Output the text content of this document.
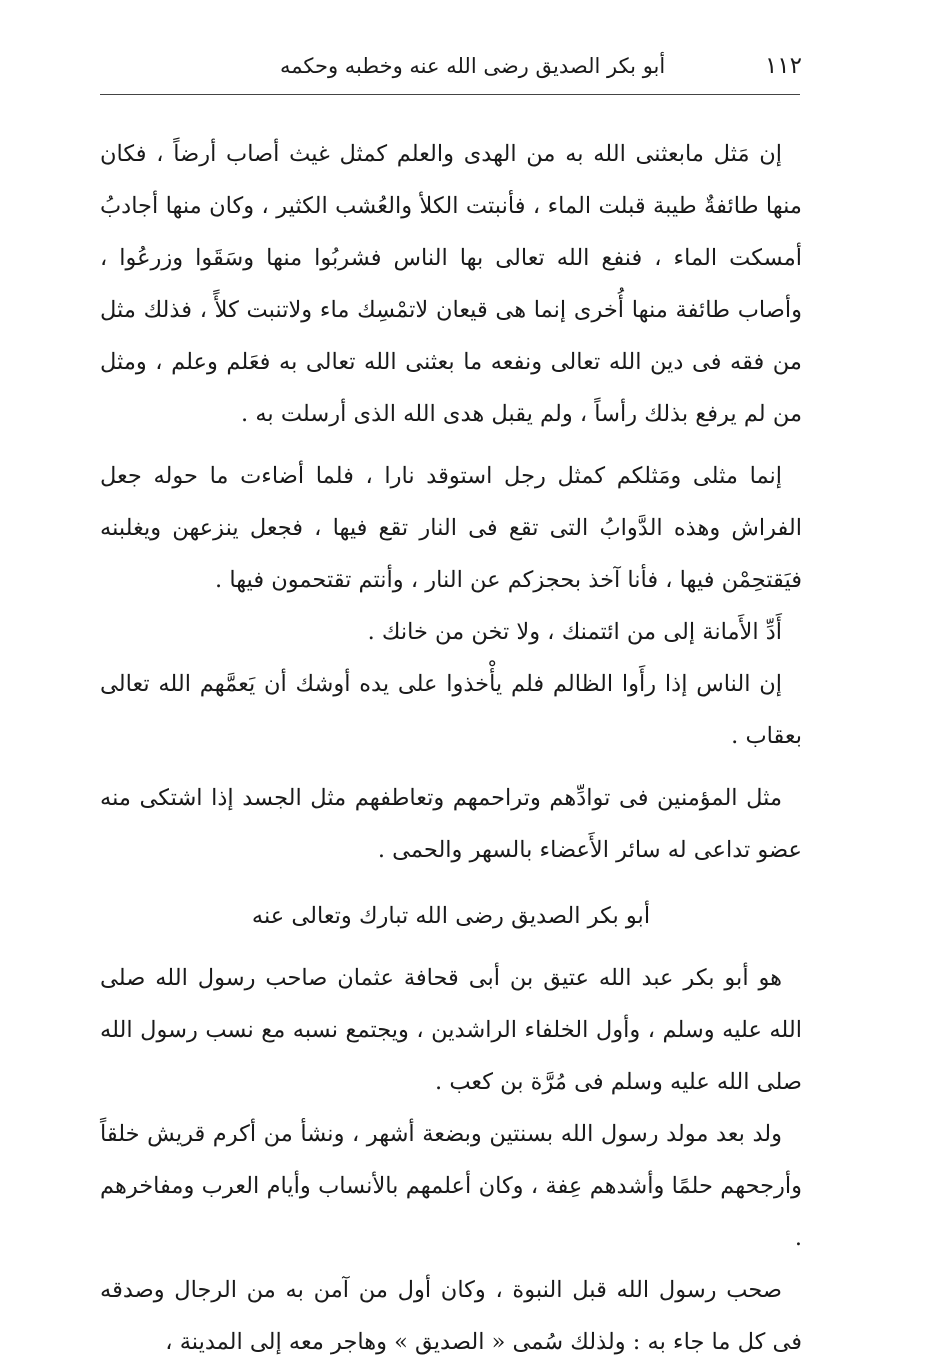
١١٢
أبو بكر الصديق رضى الله عنه وخطبه وحكمه

إن مَثل مابعثنى الله به من الهدى والعلم كمثل غيث أصاب أرضاً ، فكان منها طائفةٌ طيبة قبلت الماء ، فأنبتت الكلأ والعُشب الكثير ، وكان منها أجادبُ أمسكت الماء ، فنفع الله تعالى بها الناس فشربُوا منها وسَقَوا وزرعُوا ، وأصاب طائفة منها أُخرى إنما هى قيعان لاتمْسِك ماء ولاتنبت كلأً ، فذلك مثل من فقه فى دين الله تعالى ونفعه ما بعثنى الله تعالى به فعَلم وعلم ، ومثل من لم يرفع بذلك رأساً ، ولم يقبل هدى الله الذى أرسلت به .

إنما مثلى ومَثلكم كمثل رجل استوقد نارا ، فلما أضاءت ما حوله جعل الفراش وهذه الدَّوابُ التى تقع فى النار تقع فيها ، فجعل ينزعهن ويغلبنه فيَقتحِمْن فيها ، فأنا آخذ بحجزكم عن النار ، وأنتم تقتحمون فيها .

أَدِّ الأَمانة إلى من ائتمنك ، ولا تخن من خانك .

إن الناس إذا رأَوا الظالم فلم يأْخذوا على يده أوشك أن يَعمَّهم الله تعالى بعقاب .

مثل المؤمنين فى توادِّهم وتراحمهم وتعاطفهم مثل الجسد إذا اشتكى منه عضو تداعى له سائر الأَعضاء بالسهر والحمى .

أبو بكر الصديق رضى الله تبارك وتعالى عنه

هو أبو بكر عبد الله عتيق بن أبى قحافة عثمان صاحب رسول الله صلى الله عليه وسلم ، وأول الخلفاء الراشدين ، ويجتمع نسبه مع نسب رسول الله صلى الله عليه وسلم فى مُرَّة بن كعب .

ولد بعد مولد رسول الله بسنتين وبضعة أشهر ، ونشأ من أكرم قريش خلقاً وأرجحهم حلمًا وأشدهم عِفة ، وكان أعلمهم بالأنساب وأيام العرب ومفاخرهم .

صحب رسول الله قبل النبوة ، وكان أول من آمن به من الرجال وصدقه فى كل ما جاء به : ولذلك سُمى « الصديق » وهاجر معه إلى المدينة ،
